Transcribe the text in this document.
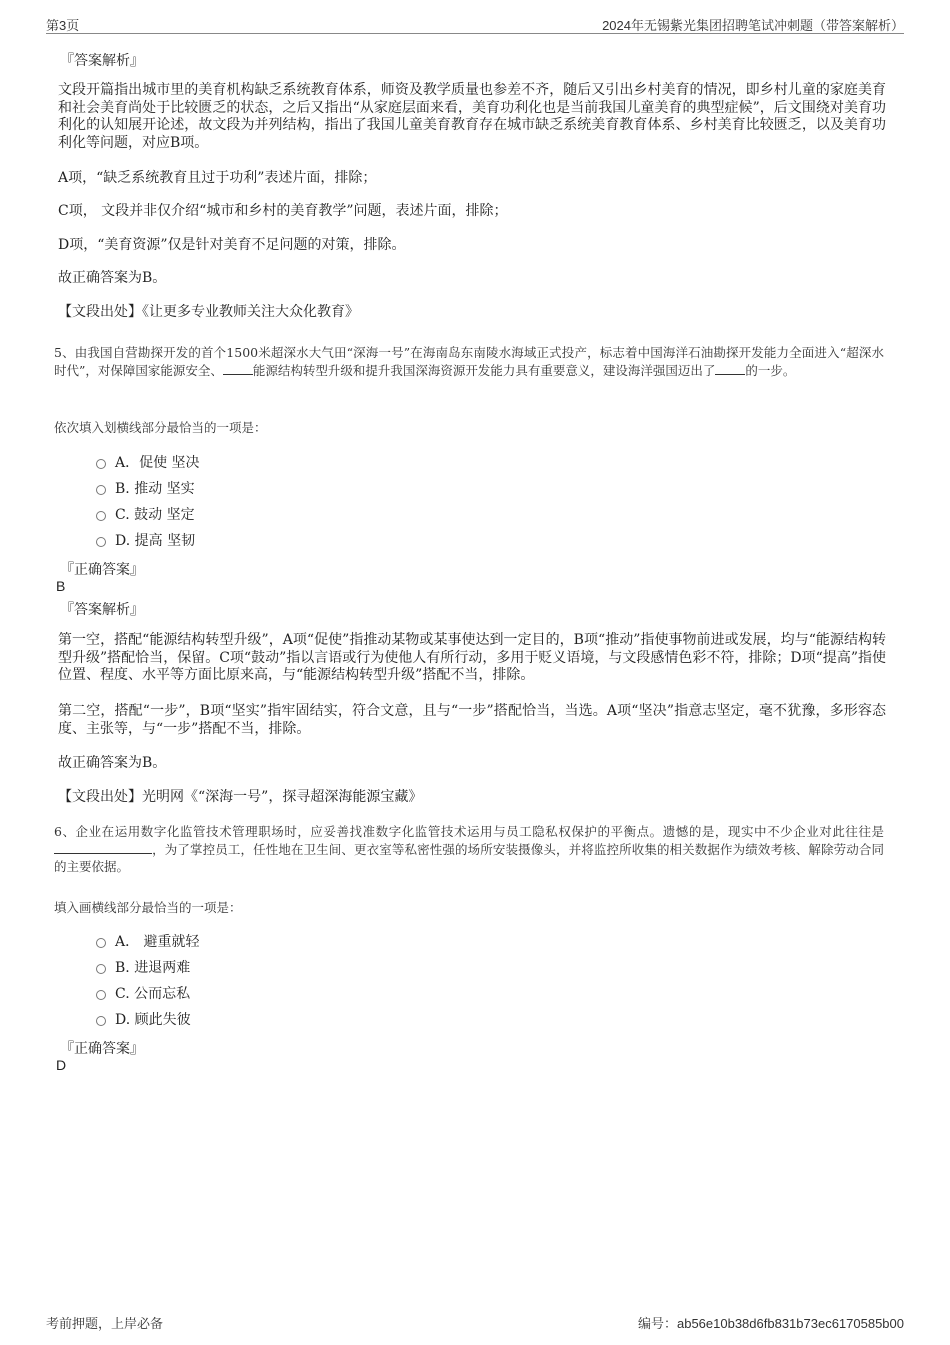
第3页	2024年无锡紫光集团招聘笔试冲刺题（带答案解析）
『答案解析』
文段开篇指出城市里的美育机构缺乏系统教育体系，师资及教学质量也参差不齐，随后又引出乡村美育的情况，即乡村儿童的家庭美育和社会美育尚处于比较匮乏的状态，之后又指出“从家庭层面来看，美育功利化也是当前我国儿童美育的典型症候”，后文围绕对美育功利化的认知展开论述，故文段为并列结构，指出了我国儿童美育教育存在城市缺乏系统美育教育体系、乡村美育比较匮乏，以及美育功利化等问题，对应B项。
A项，“缺乏系统教育且过于功利”表述片面，排除；
C项， 文段并非仅介绍“城市和乡村的美育教学”问题，表述片面，排除；
D项，“美育资源”仅是针对美育不足问题的对策，排除。
故正确答案为B。
【文段出处】《让更多专业教师关注大众化教育》
5、由我国自营勘探开发的首个1500米超深水大气田“深海一号”在海南岛东南陵水海域正式投产，标志着中国海洋石油勘探开发能力全面进入“超深水时代”，对保障国家能源安全、 能源结构转型升级和提升我国深海资源开发能力具有重要意义，建设海洋强国迈出了 的一步。
依次填入划横线部分最恰当的一项是：
A．促使 坚决
B. 推动 坚实
C. 鼓动 坚定
D. 提高 坚韧
『正确答案』
B
『答案解析』
第一空，搭配“能源结构转型升级”，A项“促使”指推动某物或某事使达到一定目的，B项“推动”指使事物前进或发展，均与“能源结构转型升级”搭配恰当，保留。C项“鼓动”指以言语或行为使他人有所行动，多用于贬义语境，与文段感情色彩不符，排除；D项“提高”指使位置、程度、水平等方面比原来高，与“能源结构转型升级”搭配不当，排除。
第二空，搭配“一步”，B项“坚实”指牢固结实，符合文意，且与“一步”搭配恰当，当选。A项“坚决”指意志坚定，毫不犹豫，多形容态度、主张等，与“一步”搭配不当，排除。
故正确答案为B。
【文段出处】光明网《“深海一号”，探寻超深海能源宝藏》
6、企业在运用数字化监管技术管理职场时，应妥善找准数字化监管技术运用与员工隐私权保护的平衡点。遗憾的是，现实中不少企业对此往往是，为了掌控员工，任性地在卫生间、更衣室等私密性强的场所安装摄像头，并将监控所收集的相关数据作为绩效考核、解除劳动合同的主要依据。
填入画横线部分最恰当的一项是：
A． 避重就轻
B. 进退两难
C. 公而忘私
D. 顾此失彼
『正确答案』
D
考前押题，上岸必备	编号：ab56e10b38d6fb831b73ec6170585b00
